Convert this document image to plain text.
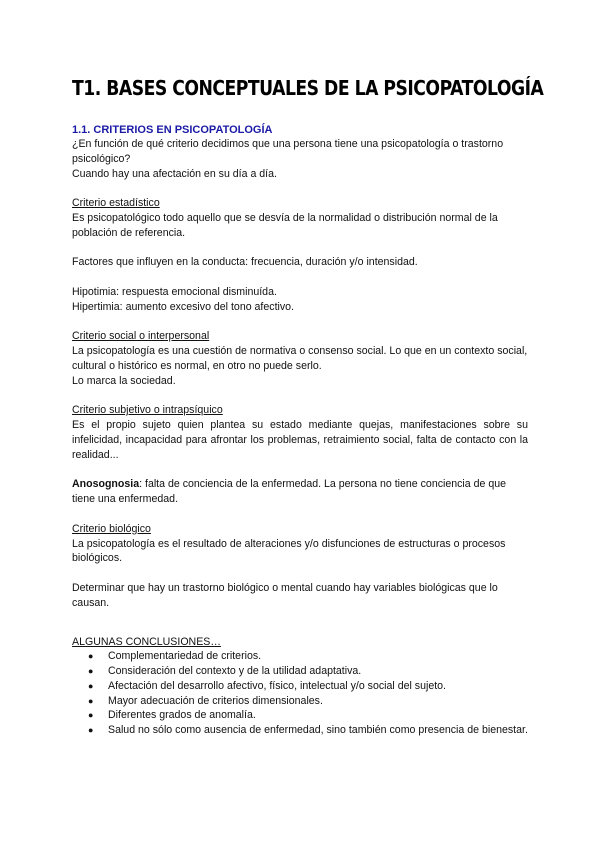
T1. BASES CONCEPTUALES DE LA PSICOPATOLOGÍA
1.1. CRITERIOS EN PSICOPATOLOGÍA

¿En función de qué criterio decidimos que una persona tiene una psicopatología o trastorno psicológico?

Cuando hay una afectación en su día a día.

Criterio estadístico

Es psicopatológico todo aquello que se desvía de la normalidad o distribución normal de la población de referencia.

Factores que influyen en la conducta: frecuencia, duración y/o intensidad.

Hipotimia: respuesta emocional disminuída.

Hipertimia: aumento excesivo del tono afectivo.

Criterio social o interpersonal

La psicopatología es una cuestión de normativa o consenso social. Lo que en un contexto social, cultural o histórico es normal, en otro no puede serlo.

Lo marca la sociedad.

Criterio subjetivo o intrapsíquico

Es el propio sujeto quien plantea su estado mediante quejas, manifestaciones sobre su infelicidad, incapacidad para afrontar los problemas, retraimiento social, falta de contacto con la realidad...

Anosognosia: falta de conciencia de la enfermedad. La persona no tiene conciencia de que tiene una enfermedad.

Criterio biológico

La psicopatología es el resultado de alteraciones y/o disfunciones de estructuras o procesos biológicos.

Determinar que hay un trastorno biológico o mental cuando hay variables biológicas que lo causan.

ALGUNAS CONCLUSIONES…

● Complementariedad de criterios.
● Consideración del contexto y de la utilidad adaptativa.
● Afectación del desarrollo afectivo, físico, intelectual y/o social del sujeto.
● Mayor adecuación de criterios dimensionales.
● Diferentes grados de anomalía.
● Salud no sólo como ausencia de enfermedad, sino también como presencia de bienestar.
